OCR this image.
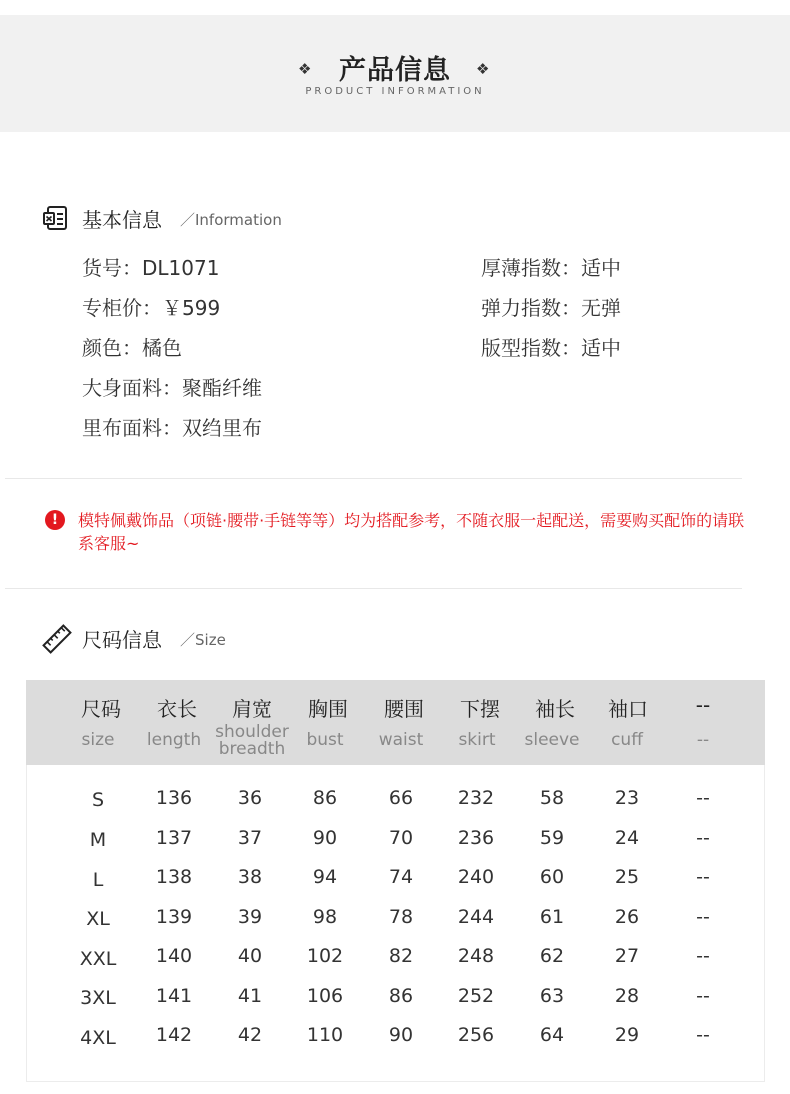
❖	产品信息	❖
PRODUCT INFORMATION
基本信息 ／Information
货号：DL1071
专柜价：￥599
颜色：橘色
大身面料：聚酯纤维
里布面料：双绉里布
厚薄指数：适中
弹力指数：无弹
版型指数：适中
!	模特佩戴饰品（项链·腰带·手链等等）均为搭配参考，不随衣服一起配送，需要购买配饰的请联系客服~
尺码信息 ／Size
尺码	衣长	肩宽	胸围	腰围	下摆	袖长	袖口	--
size	length shoulder breadth	bust	waist	skirt	sleeve	cuff	--
S	136	36	86	66	232	58	23	--
M	137	37	90	70	236	59	24	--
L	138	38	94	74	240	60	25	--
XL	139	39	98	78	244	61	26	--
XXL	140	40	102	82	248	62	27	--
3XL	141	41	106	86	252	63	28	--
4XL	142	42	110	90	256	64	29	--
